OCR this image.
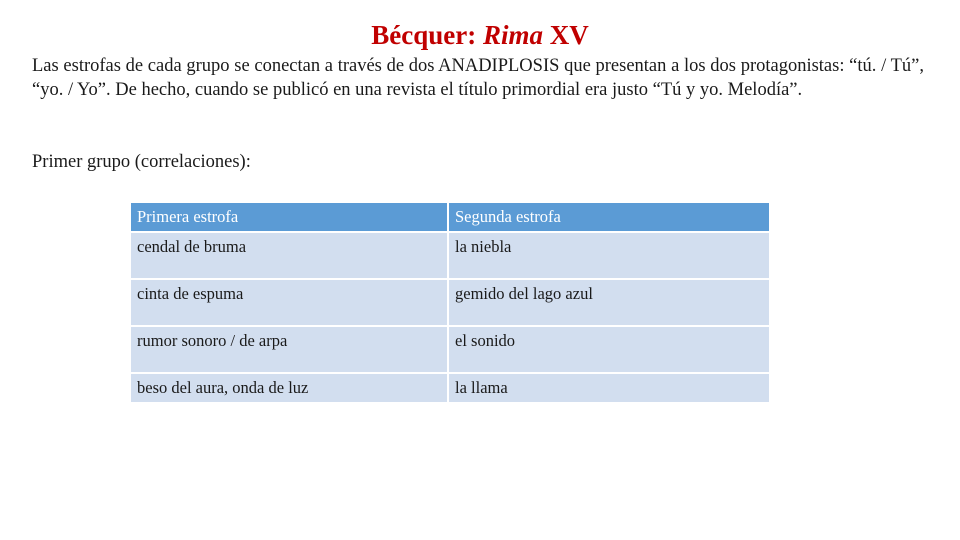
Bécquer: Rima XV

Las estrofas de cada grupo se conectan a través de dos ANADIPLOSIS que presentan a los dos protagonistas: “tú. / Tú”, “yo. / Yo”. De hecho, cuando se publicó en una revista el título primordial era justo “Tú y yo. Melodía”.

Primer grupo (correlaciones):

Primera estrofa	Segunda estrofa
cendal de bruma	la niebla
cinta de espuma	gemido del lago azul
rumor sonoro / de arpa	el sonido
beso del aura, onda de luz	la llama
